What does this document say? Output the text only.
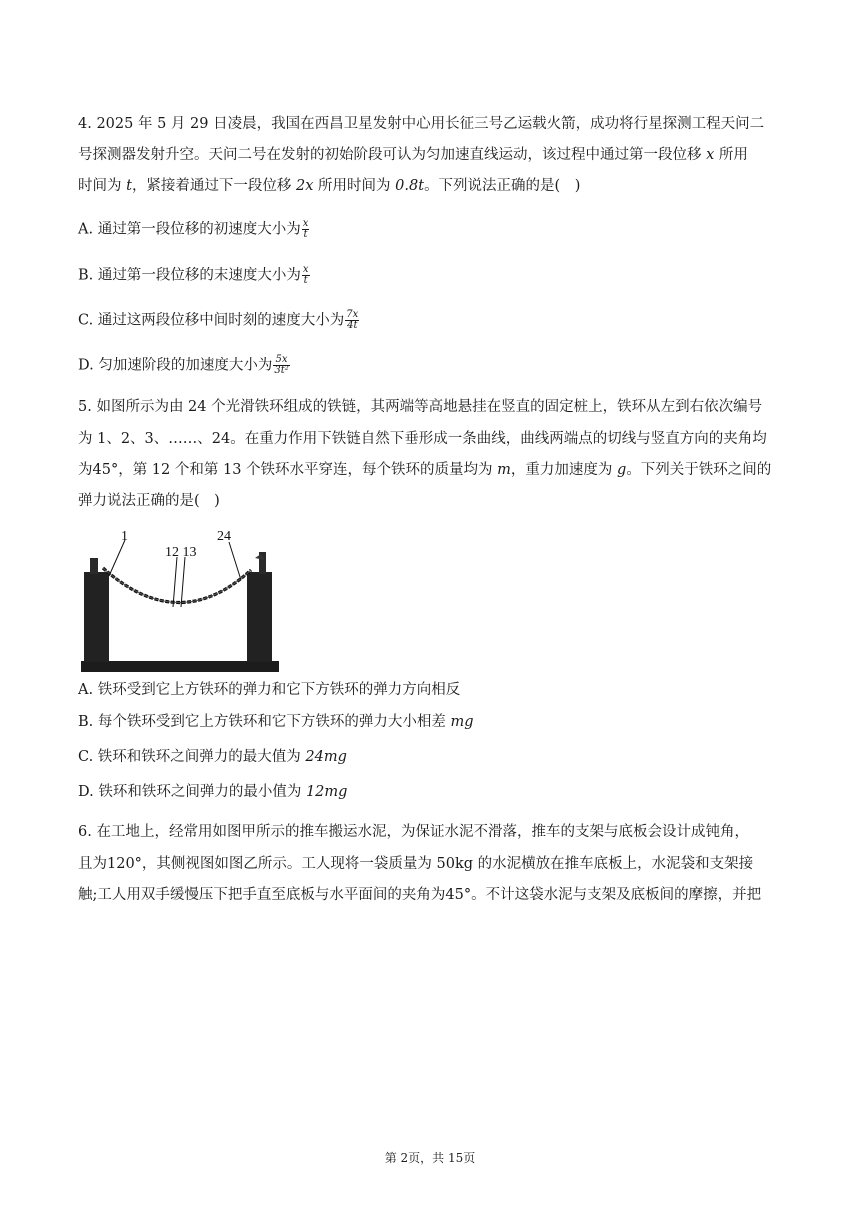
4. 2025 年 5 月 29 日凌晨，我国在西昌卫星发射中心用长征三号乙运载火箭，成功将行星探测工程天问二
号探测器发射升空。天问二号在发射的初始阶段可认为匀加速直线运动，该过程中通过第一段位移 x 所用
时间为 t，紧接着通过下一段位移 2x 所用时间为 0.8t。下列说法正确的是(　)
A. 通过第一段位移的初速度大小为 $\frac{x}{t}$
B. 通过第一段位移的末速度大小为 $\frac{x}{t}$
C. 通过这两段位移中间时刻的速度大小为 $\frac{7x}{4t}$
D. 匀加速阶段的加速度大小为 $\frac{5x}{\text{3t²}}$
5. 如图所示为由 24 个光滑铁环组成的铁链，其两端等高地悬挂在竖直的固定桩上，铁环从左到右依次编号
为 1、2、3、……、24。在重力作用下铁链自然下垂形成一条曲线，曲线两端点的切线与竖直方向的夹角均
为45°，第 12 个和第 13 个铁环水平穿连，每个铁环的质量均为 m，重力加速度为 g。下列关于铁环之间的
弹力说法正确的是(　)
1
12 13
24
A. 铁环受到它上方铁环的弹力和它下方铁环的弹力方向相反
B. 每个铁环受到它上方铁环和它下方铁环的弹力大小相差 mg
C. 铁环和铁环之间弹力的最大值为 24mg
D. 铁环和铁环之间弹力的最小值为 12mg
6. 在工地上，经常用如图甲所示的推车搬运水泥，为保证水泥不滑落，推车的支架与底板会设计成钝角，
且为120°，其侧视图如图乙所示。工人现将一袋质量为 50kg 的水泥横放在推车底板上，水泥袋和支架接
触;工人用双手缓慢压下把手直至底板与水平面间的夹角为45°。不计这袋水泥与支架及底板间的摩擦，并把
第 2页，共 15页
